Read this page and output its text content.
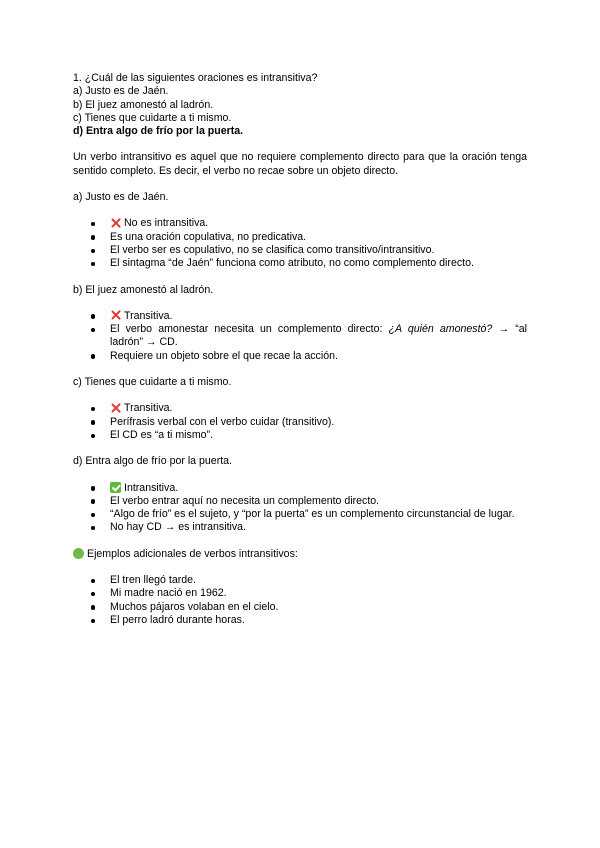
1. ¿Cuál de las siguientes oraciones es intransitiva?

a) Justo es de Jaén.

b) El juez amonestó al ladrón.

c) Tienes que cuidarte a ti mismo.

d) Entra algo de frío por la puerta.

Un verbo intransitivo es aquel que no requiere complemento directo para que la oración tenga sentido completo. Es decir, el verbo no recae sobre un objeto directo.

a) Justo es de Jaén.

No es intransitiva.
Es una oración copulativa, no predicativa.
El verbo ser es copulativo, no se clasifica como transitivo/intransitivo.
El sintagma “de Jaén” funciona como atributo, no como complemento directo.

b) El juez amonestó al ladrón.

Transitiva.
El verbo amonestar necesita un complemento directo: ¿A quién amonestó? → “al ladrón” → CD.
Requiere un objeto sobre el que recae la acción.

c) Tienes que cuidarte a ti mismo.

Transitiva.
Perífrasis verbal con el verbo cuidar (transitivo).
El CD es “a ti mismo”.

d) Entra algo de frío por la puerta.

Intransitiva.
El verbo entrar aquí no necesita un complemento directo.
“Algo de frío” es el sujeto, y “por la puerta” es un complemento circunstancial de lugar.
No hay CD → es intransitiva.

Ejemplos adicionales de verbos intransitivos:

El tren llegó tarde.
Mi madre nació en 1962.
Muchos pájaros volaban en el cielo.
El perro ladró durante horas.
